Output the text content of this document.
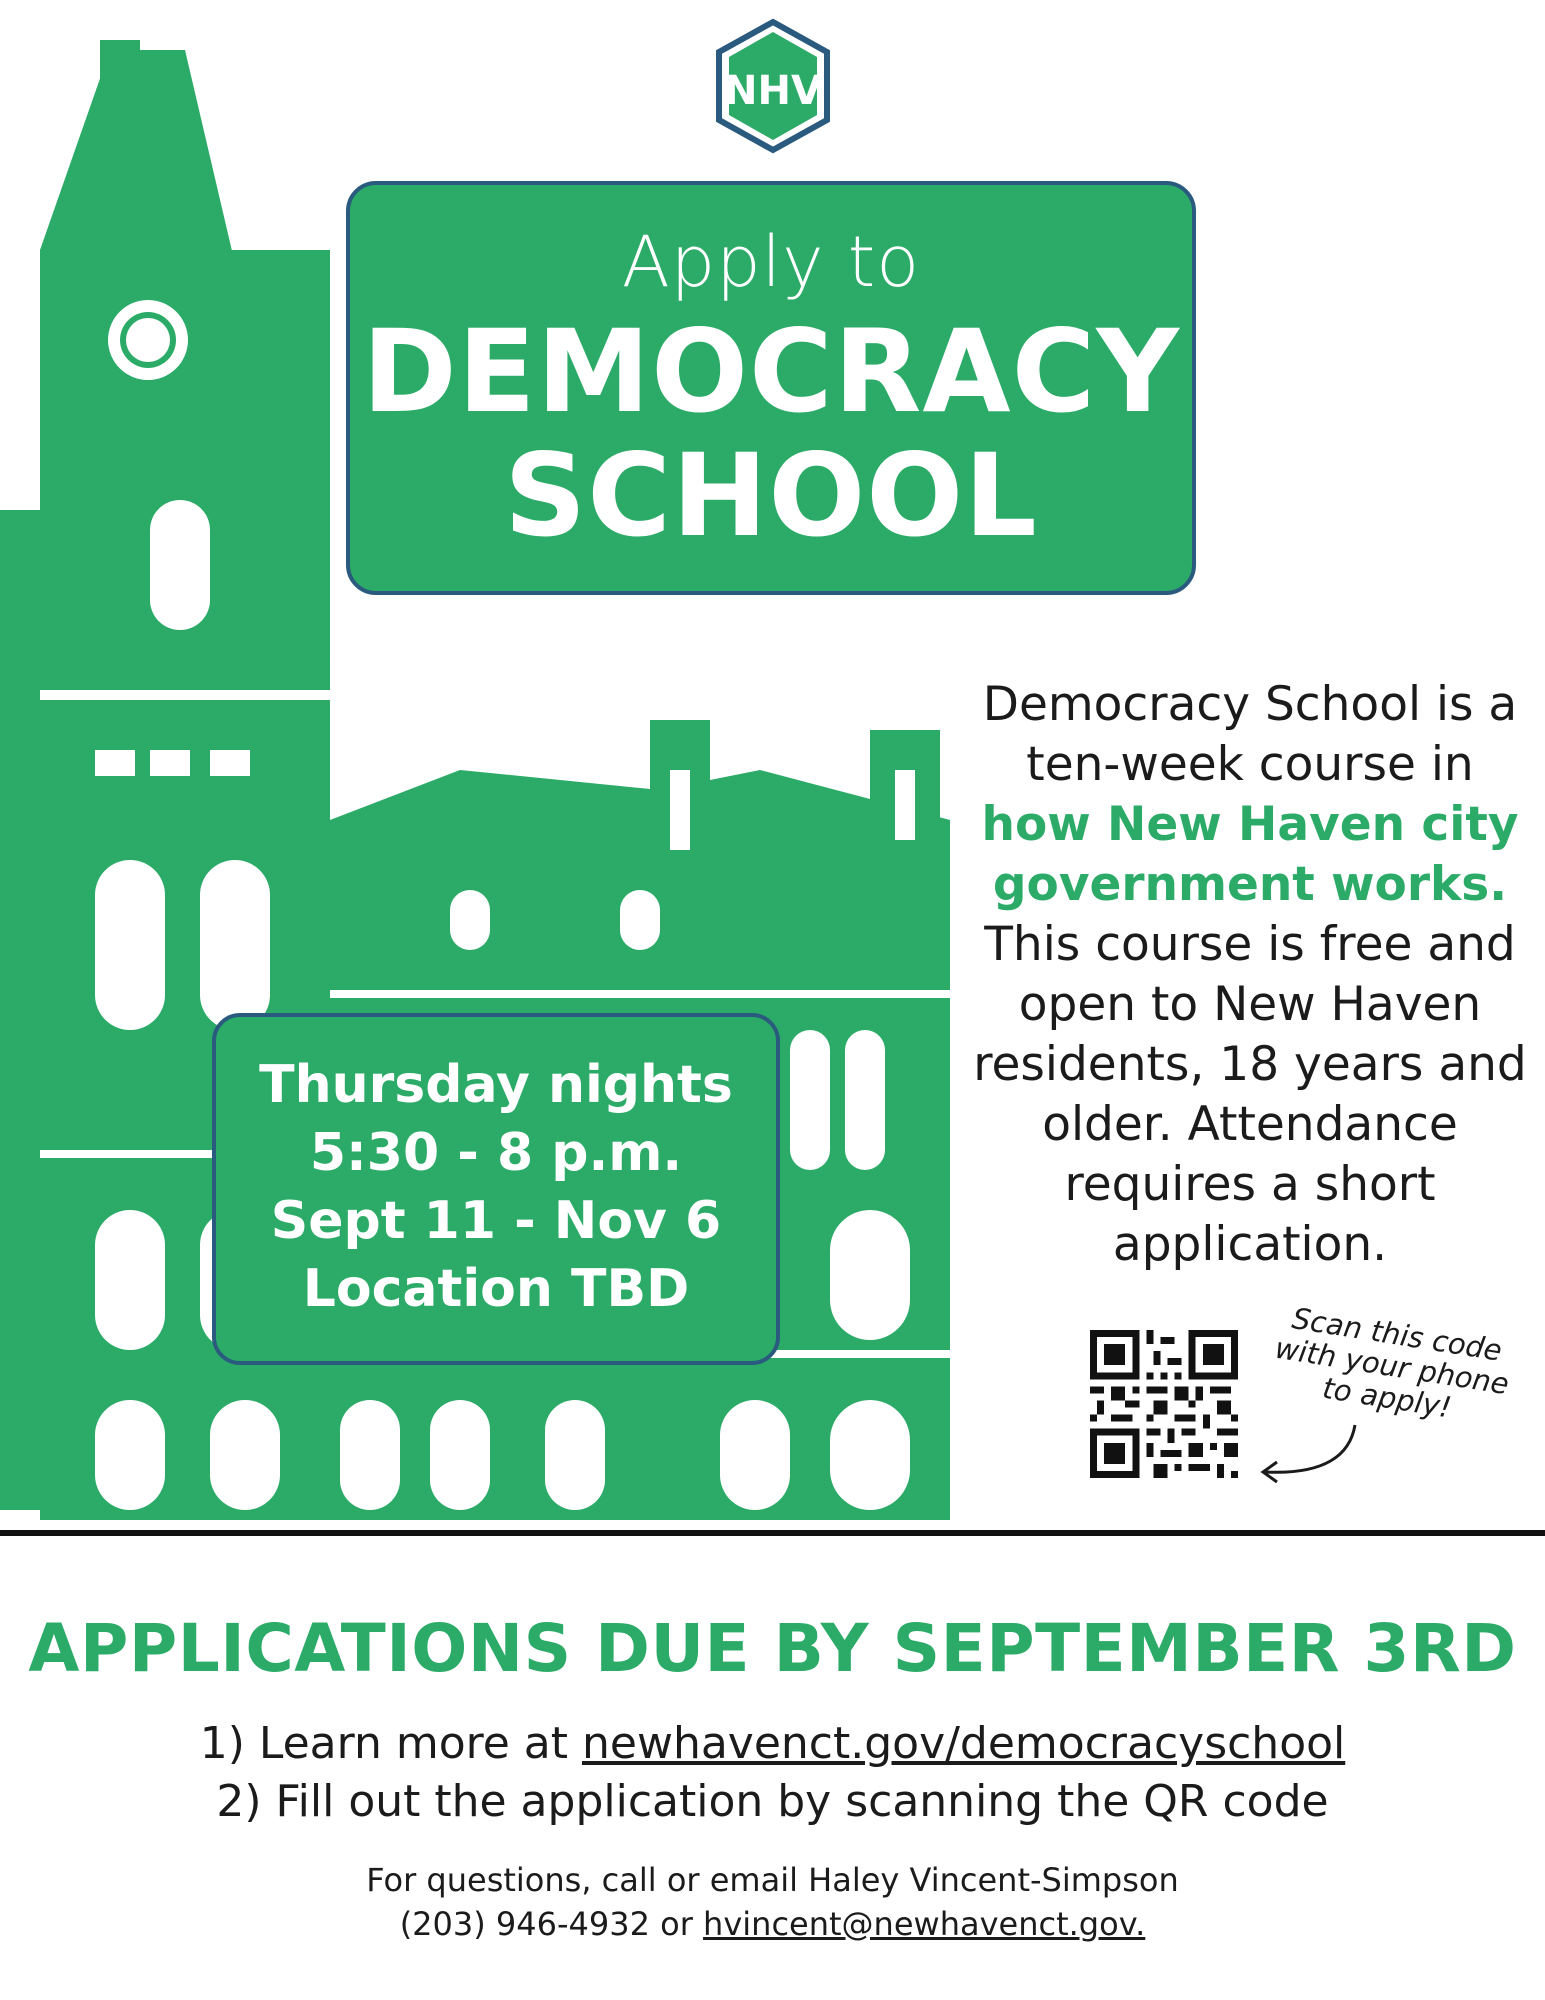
NHV
Apply to
DEMOCRACY
SCHOOL
Thursday nights
5:30 - 8 p.m.
Sept 11 - Nov 6
Location TBD
Democracy School is a ten-week course in how New Haven city government works. This course is free and open to New Haven residents, 18 years and older. Attendance requires a short application.
Scan this code with your phone to apply!
APPLICATIONS DUE BY SEPTEMBER 3RD
1) Learn more at newhavenct.gov/democracyschool
2) Fill out the application by scanning the QR code
For questions, call or email Haley Vincent-Simpson
(203) 946-4932 or hvincent@newhavenct.gov.
